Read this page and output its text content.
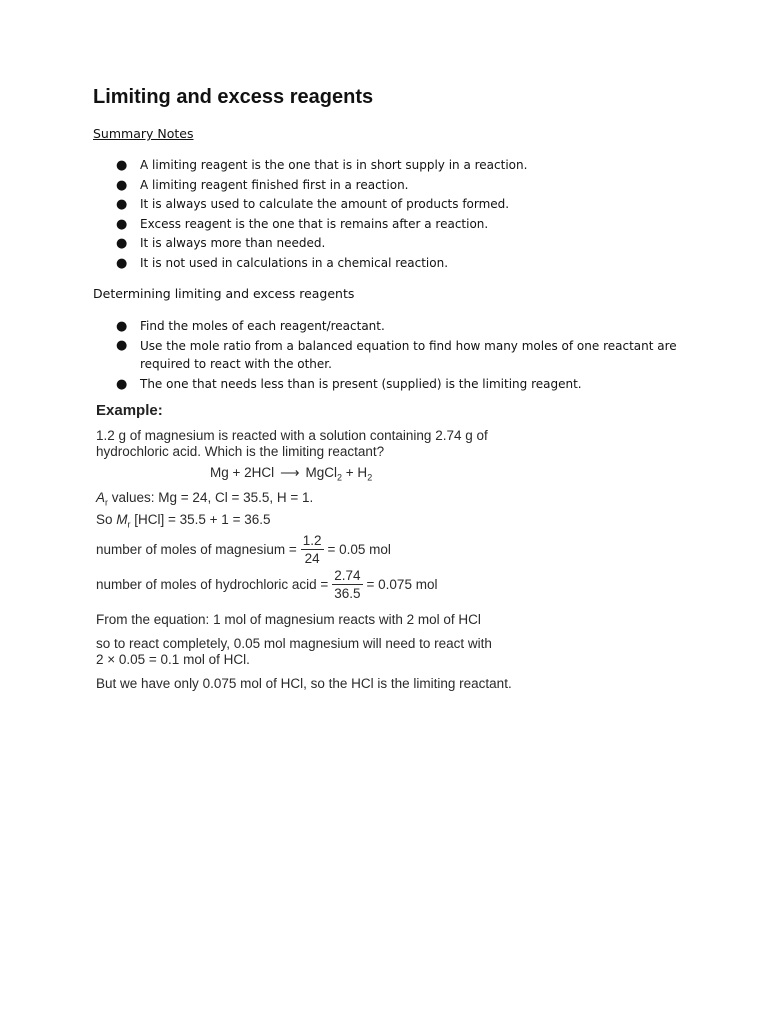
Limiting and excess reagents

Summary Notes

● A limiting reagent is the one that is in short supply in a reaction.
● A limiting reagent finished first in a reaction.
● It is always used to calculate the amount of products formed.
● Excess reagent is the one that is remains after a reaction.
● It is always more than needed.
● It is not used in calculations in a chemical reaction.

Determining limiting and excess reagents

● Find the moles of each reagent/reactant.
● Use the mole ratio from a balanced equation to find how many moles of one reactant are required to react with the other.
● The one that needs less than is present (supplied) is the limiting reagent.
Example:
1.2 g of magnesium is reacted with a solution containing 2.74 g of
hydrochloric acid. Which is the limiting reactant?
Mg + 2HCl ⟶ MgCl$_2$ + $H_2$
$A_r$ values: Mg = 24, Cl = 35.5, H = 1.
So $M_r$ [HCl] = 35.5 + 1 = 36.5
number of moles of magnesium = $\frac{1.2}{24} = 0.05$ mol
number of moles of hydrochloric acid = $\frac{2.74}{36.5} = 0.075$ mol
From the equation: 1 mol of magnesium reacts with 2 mol of HCl
so to react completely, 0.05 mol magnesium will need to react with
2 × 0.05 = 0.1 mol of HCl.
But we have only 0.075 mol of HCl, so the HCl is the limiting reactant.
